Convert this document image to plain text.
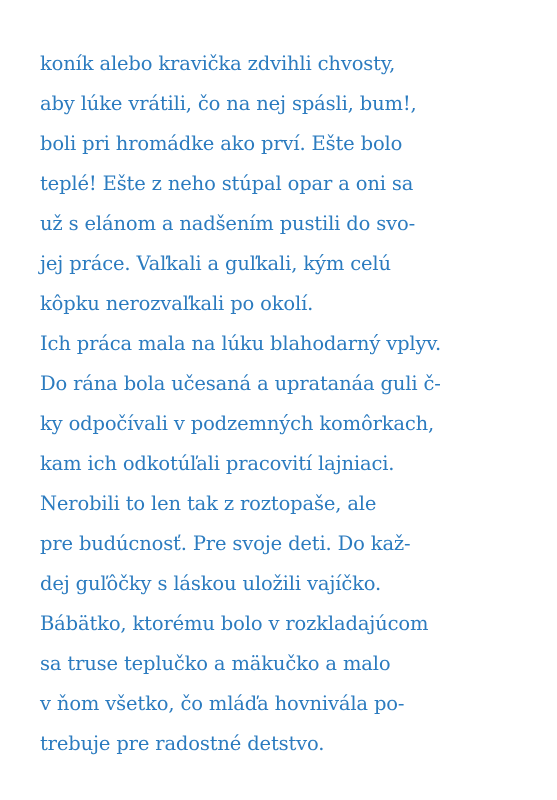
koník alebo kravička zdvihli chvosty,
aby lúke vrátili, čo na nej spásli, bum!,
boli pri hromádke ako prví. Ešte bolo
teplé! Ešte z neho stúpal opar a oni sa
už s elánom a nadšením pustili do svo-
jej práce. Vaľkali a guľkali, kým celú
kôpku nerozvaľkali po okolí.
Ich práca mala na lúku blahodarný vplyv.
Do rána bola učesaná a upratanáa guli č-
ky odpočívali v podzemných komôrkach,
kam ich odkotúľali pracovití lajniaci.
Nerobili to len tak z roztopaše, ale
pre budúcnosť. Pre svoje deti. Do kaž-
dej guľôčky s láskou uložili vajíčko.
Bábätko, ktorému bolo v rozkladajúcom
sa truse teplučko a mäkučko a malo
v ňom všetko, čo mláďa hovnivála po-
trebuje pre radostné detstvo.
